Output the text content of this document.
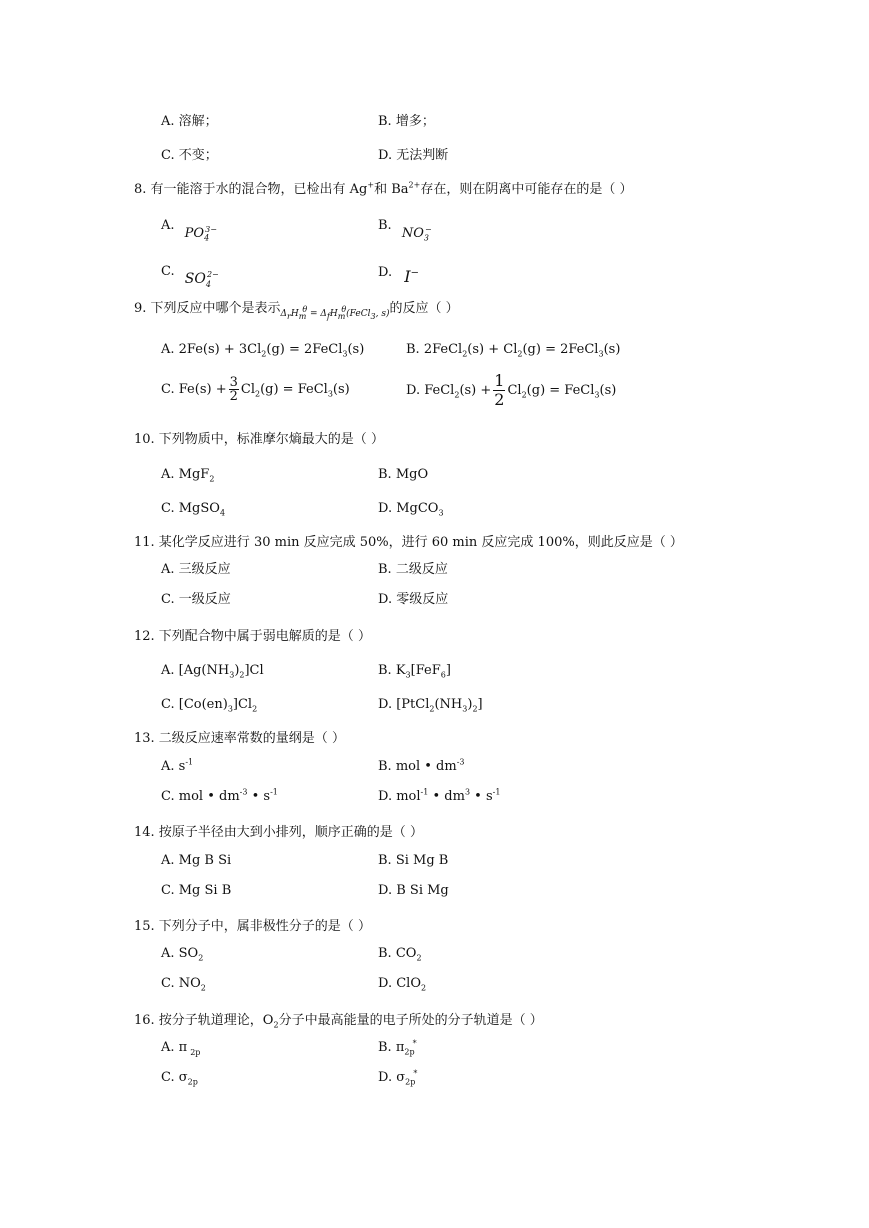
A. 溶解；	B. 增多；
C. 不变；	D. 无法判断
8. 有一能溶于水的混合物，已检出有 Ag+和 $Ba^{2+}$存在，则在阴离中可能存在的是（ ）
A. $PO_4^{3-}$	B. $NO_3^-$
C. $SO_4^{2-}$	D. I−
9. 下列反应中哪个是表示$_{\Delta_rH_m^\theta = \Delta_fH_m^\theta(FeCl_3, s)}$的反应（ ）
A. $2Fe(s) + 3Cl_2(g)$ = 2FeCl$_3$(s)	B. 2FeCl$_2$(s) + $Cl_2(g)$ = 2FeCl$_3$(s)
C. $Fe(s) + \frac{3}{2} Cl_2(g)$ = FeCl$_3$(s)	D. FeCl$_2$(s) + $\frac{1}{2} Cl_2(g)$ = FeCl$_3$(s)
10. 下列物质中，标准摩尔熵最大的是（ ）
A. MgF$_2$	B. MgO
C. MgSO$_4$	D. MgCO$_3$
11. 某化学反应进行 30 min 反应完成 50%，进行 60 min 反应完成 100%，则此反应是（ ）
A. 三级反应	B. 二级反应
C. 一级反应	D. 零级反应
12. 下列配合物中属于弱电解质的是（ ）
A. $[Ag(NH_3)_2]Cl$	B. $K_3[FeF_6]$
C. $[Co(en)_3]Cl_2$	D. $[PtCl_2(NH_3)_2]$
13. 二级反应速率常数的量纲是（ ）
A. $s^{-1}$	B. mol • $dm^{-3}$
C. mol • $dm^{-3}$ • $s^{-1}$	D. mol$^{-1}$ • $dm^3$ • $s^{-1}$
14. 按原子半径由大到小排列，顺序正确的是（ ）
A. Mg B Si	B. Si Mg B
C. Mg Si B	D. B Si Mg
15. 下列分子中，属非极性分子的是（ ）
A. $SO_2$	B. $CO_2$
C. $NO_2$	D. ClO$_2$
16. 按分子轨道理论，$O_2$分子中最高能量的电子所处的分子轨道是（ ）
A. π $_{2p}$	B. $\pi_{2p}^*$
C. $\sigma_{2p}$	D. $\sigma_{2p}^*$
